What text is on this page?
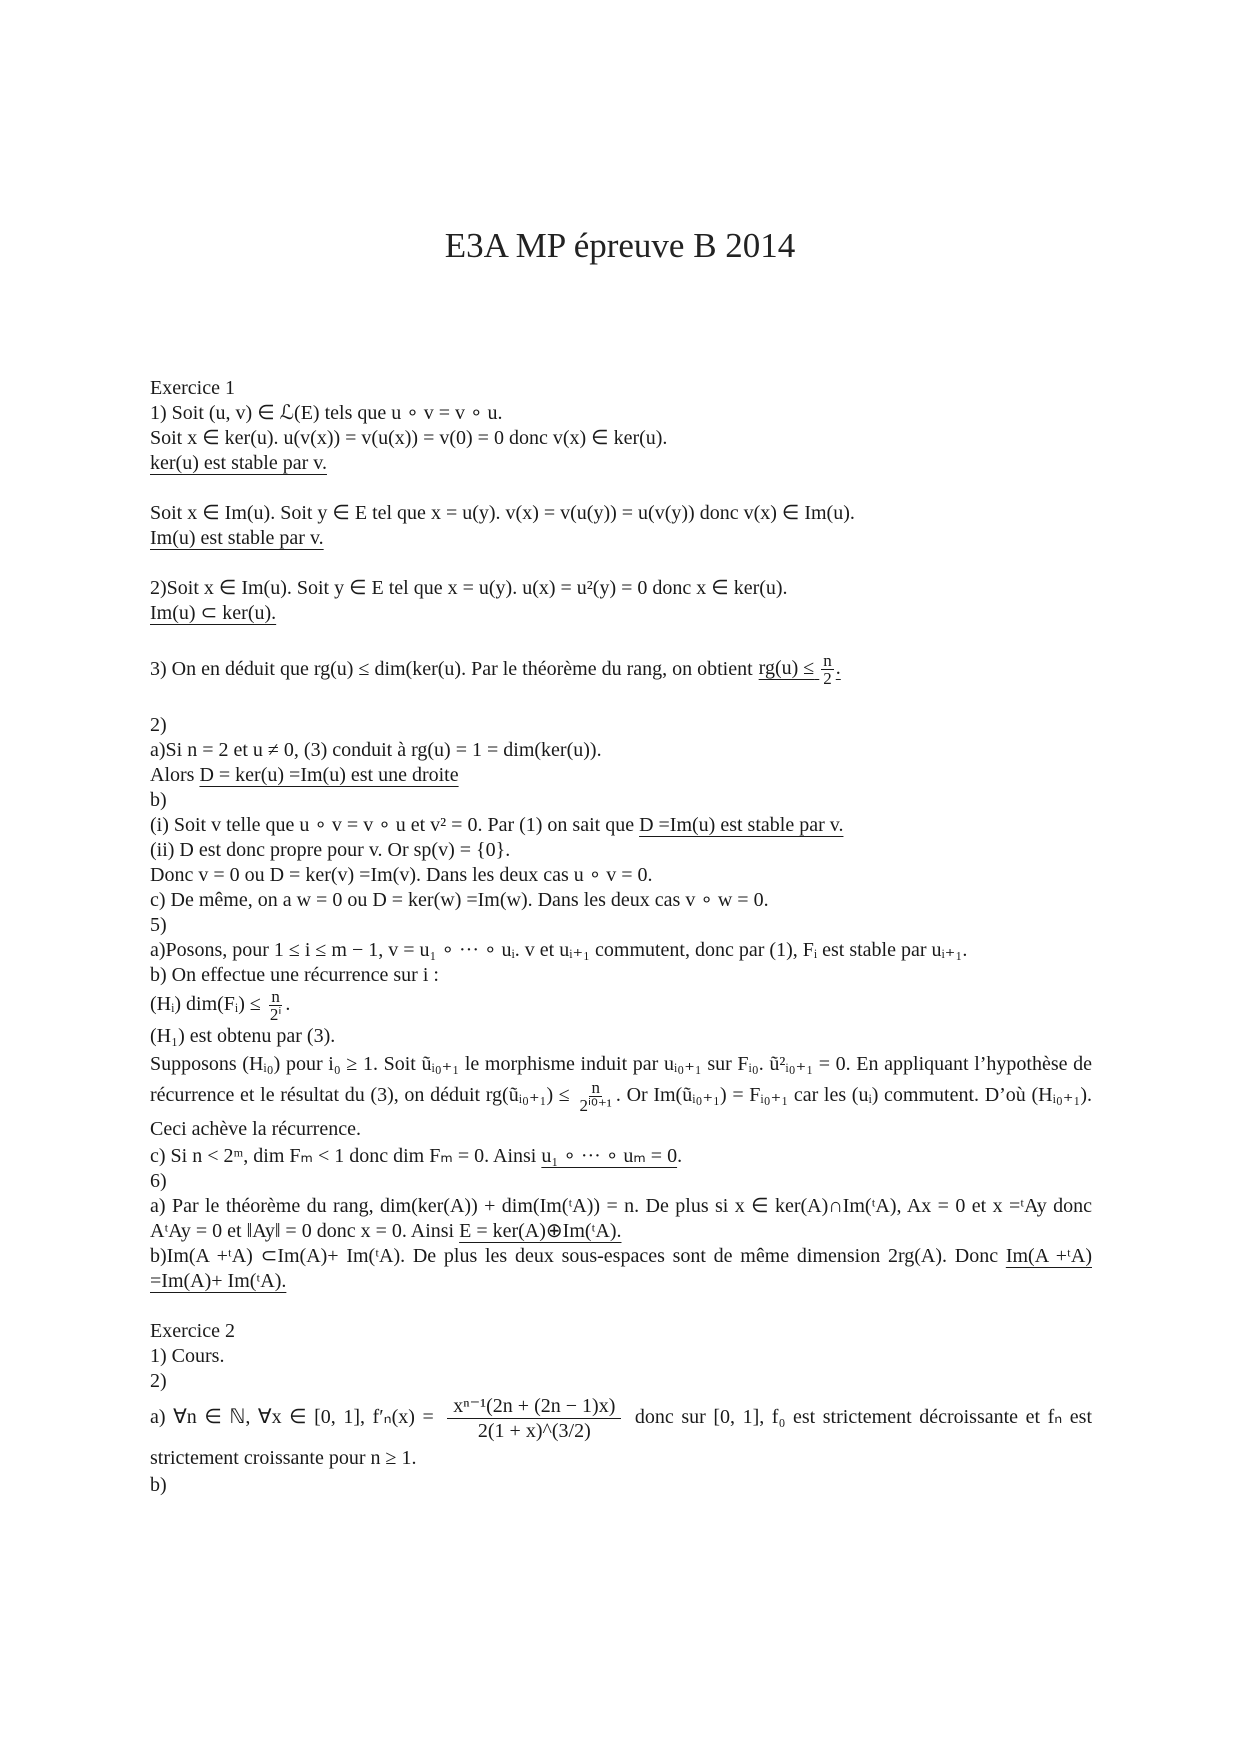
E3A MP épreuve B 2014
Exercice 1
1) Soit (u, v) ∈ ℒ(E) tels que u ∘ v = v ∘ u.
Soit x ∈ ker(u). u(v(x)) = v(u(x)) = v(0) = 0 donc v(x) ∈ ker(u).
ker(u) est stable par v.
Soit x ∈ Im(u). Soit y ∈ E tel que x = u(y). v(x) = v(u(y)) = u(v(y)) donc v(x) ∈ Im(u).
Im(u) est stable par v.
2)Soit x ∈ Im(u). Soit y ∈ E tel que x = u(y). u(x) = u²(y) = 0 donc x ∈ ker(u).
Im(u) ⊂ ker(u).
3) On en déduit que rg(u) ≤ dim(ker(u). Par le théorème du rang, on obtient $rg(u) \le \frac{n}{2}$ .
2)
a)Si n = 2 et u ≠ 0, (3) conduit à rg(u) = 1 = dim(ker(u)).
Alors D = ker(u) =Im(u) est une droite
b)
(i) Soit v telle que u ∘ v = v ∘ u et v² = 0. Par (1) on sait que D =Im(u) est stable par v.
(ii) D est donc propre pour v. Or sp(v) = {0}.
Donc v = 0 ou D = ker(v) =Im(v). Dans les deux cas u ∘ v = 0.
c) De même, on a w = 0 ou D = ker(w) =Im(w). Dans les deux cas v ∘ w = 0.
5)
a)Posons, pour 1 ≤ i ≤ m − 1, v = u₁ ∘ ··· ∘ uᵢ. v et uᵢ₊₁ commutent, donc par (1), Fᵢ est stable par uᵢ₊₁.
b) On effectue une récurrence sur i :
(Hᵢ) dim(Fᵢ) ≤ $\frac{n}{\text{2ⁱ}}$ .
(H₁) est obtenu par (3).
Supposons (Hᵢ₀) pour i₀ ≥ 1. Soit ũᵢ₀₊₁ le morphisme induit par uᵢ₀₊₁ sur Fᵢ₀. ũ²ᵢ₀₊₁ = 0. En appliquant l’hypothèse de récurrence et le résultat du (3), on déduit rg(ũᵢ₀₊₁) ≤ $\frac{n}{\text{2ⁱ⁰⁺¹}}$ . Or Im(ũᵢ₀₊₁) = Fᵢ₀₊₁ car les (uᵢ) commutent. D’où (Hᵢ₀₊₁). Ceci achève la récurrence.
c) Si n < 2ᵐ, dim Fₘ < 1 donc dim Fₘ = 0. Ainsi u₁ ∘ ··· ∘ uₘ = 0.
6)
a) Par le théorème du rang, dim(ker(A)) + dim(Im(ᵗA)) = n. De plus si x ∈ ker(A)∩Im(ᵗA), Ax = 0 et x =ᵗAy donc AᵗAy = 0 et ‖Ay‖ = 0 donc x = 0. Ainsi E = ker(A)⊕Im(ᵗA).
b)Im(A +ᵗA) ⊂Im(A)+ Im(ᵗA). De plus les deux sous-espaces sont de même dimension 2rg(A). Donc Im(A +ᵗA) =Im(A)+ Im(ᵗA).
Exercice 2
1) Cours.
2)
a) ∀n ∈ ℕ, ∀x ∈ [0, 1], $f'_n(x) = \frac{\text{xⁿ⁻¹(2n + (2n − 1)x)}}{2(1 + x)\^{}(3/2)}$ donc sur [0, 1], f₀ est strictement décroissante et fₙ est strictement croissante pour n ≥ 1.
b)
